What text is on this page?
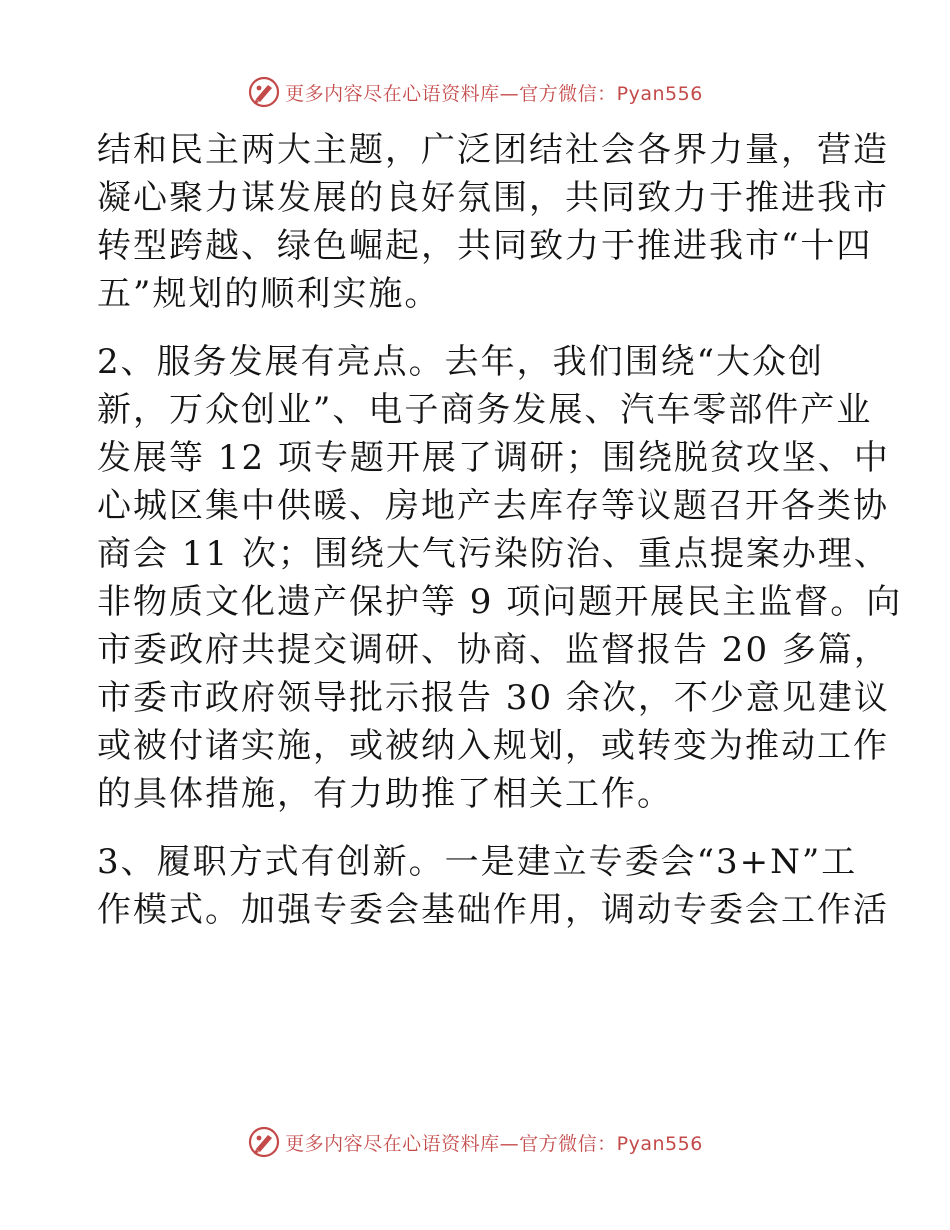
更多内容尽在心语资料库—官方微信：Pyan556
结和民主两大主题，广泛团结社会各界力量，营造
凝心聚力谋发展的良好氛围，共同致力于推进我市
转型跨越、绿色崛起，共同致力于推进我市“十四
五”规划的顺利实施。
2、服务发展有亮点。去年，我们围绕“大众创
新，万众创业”、电子商务发展、汽车零部件产业
发展等 12 项专题开展了调研；围绕脱贫攻坚、中
心城区集中供暖、房地产去库存等议题召开各类协
商会 11 次；围绕大气污染防治、重点提案办理、
非物质文化遗产保护等 9 项问题开展民主监督。向
市委政府共提交调研、协商、监督报告 20 多篇，
市委市政府领导批示报告 30 余次，不少意见建议
或被付诸实施，或被纳入规划，或转变为推动工作
的具体措施，有力助推了相关工作。
3、履职方式有创新。一是建立专委会“3+N”工
作模式。加强专委会基础作用，调动专委会工作活
更多内容尽在心语资料库—官方微信：Pyan556
